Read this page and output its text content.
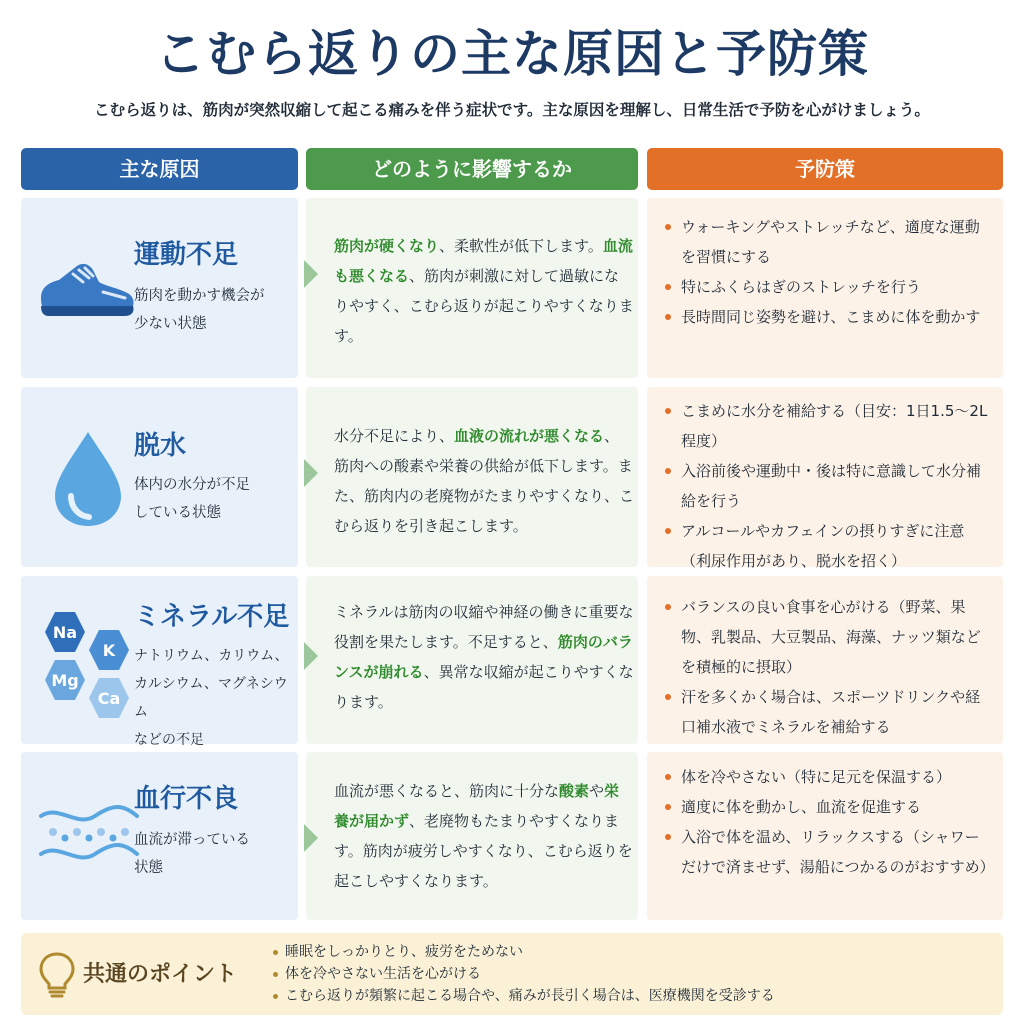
こむら返りの主な原因と予防策
こむら返りは、筋肉が突然収縮して起こる痛みを伴う症状です。主な原因を理解し、日常生活で予防を心がけましょう。
主な原因	どのように影響するか	予防策
運動不足
筋肉を動かす機会が
少ない状態
筋肉が硬くなり、柔軟性が低下します。血流も悪くなる、筋肉が刺激に対して過敏になりやすく、こむら返りが起こりやすくなります。
ウォーキングやストレッチなど、適度な運動を習慣にする
特にふくらはぎのストレッチを行う
長時間同じ姿勢を避け、こまめに体を動かす
脱水
体内の水分が不足
している状態
水分不足により、血液の流れが悪くなる、筋肉への酸素や栄養の供給が低下します。また、筋肉内の老廃物がたまりやすくなり、こむら返りを引き起こします。
こまめに水分を補給する（目安：1日1.5〜2L程度）
入浴前後や運動中・後は特に意識して水分補給を行う
アルコールやカフェインの摂りすぎに注意（利尿作用があり、脱水を招く）
Na
K
Mg
Ca
ミネラル不足
ナトリウム、カリウム、
カルシウム、マグネシウム
などの不足
ミネラルは筋肉の収縮や神経の働きに重要な役割を果たします。不足すると、筋肉のバランスが崩れる、異常な収縮が起こりやすくなります。
バランスの良い食事を心がける（野菜、果物、乳製品、大豆製品、海藻、ナッツ類などを積極的に摂取）
汗を多くかく場合は、スポーツドリンクや経口補水液でミネラルを補給する
血行不良
血流が滞っている
状態
血流が悪くなると、筋肉に十分な酸素や栄養が届かず、老廃物もたまりやすくなります。筋肉が疲労しやすくなり、こむら返りを起こしやすくなります。
体を冷やさない（特に足元を保温する）
適度に体を動かし、血流を促進する
入浴で体を温め、リラックスする（シャワーだけで済ませず、湯船につかるのがおすすめ）
共通のポイント
睡眠をしっかりとり、疲労をためない
体を冷やさない生活を心がける
こむら返りが頻繁に起こる場合や、痛みが長引く場合は、医療機関を受診する
